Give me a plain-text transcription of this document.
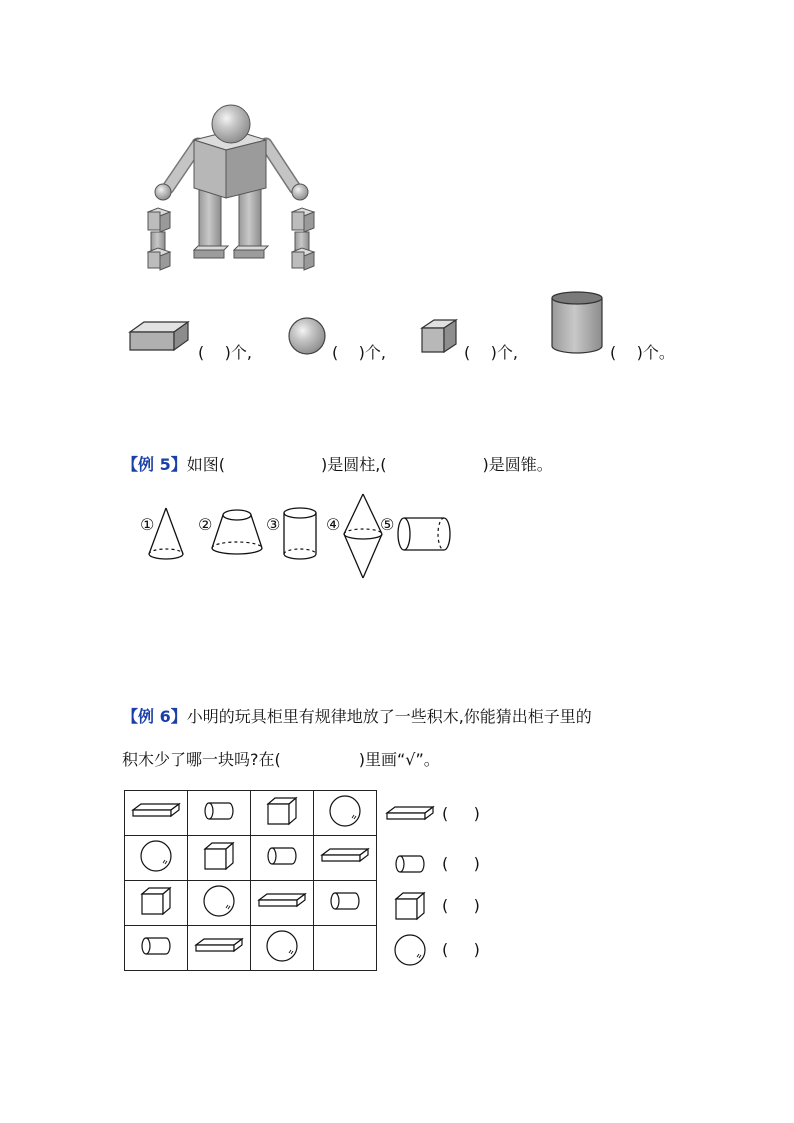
(    )个,	(    )个,	(    )个,	(    )个。
【例 5】如图(	)是圆柱,(	)是圆锥。
①	②	③	④ ⑤
【例 6】小明的玩具柜里有规律地放了一些积木,你能猜出柜子里的
积木少了哪一块吗?在(	)里画“√”。

(     )
(     )
(     )
(     )
